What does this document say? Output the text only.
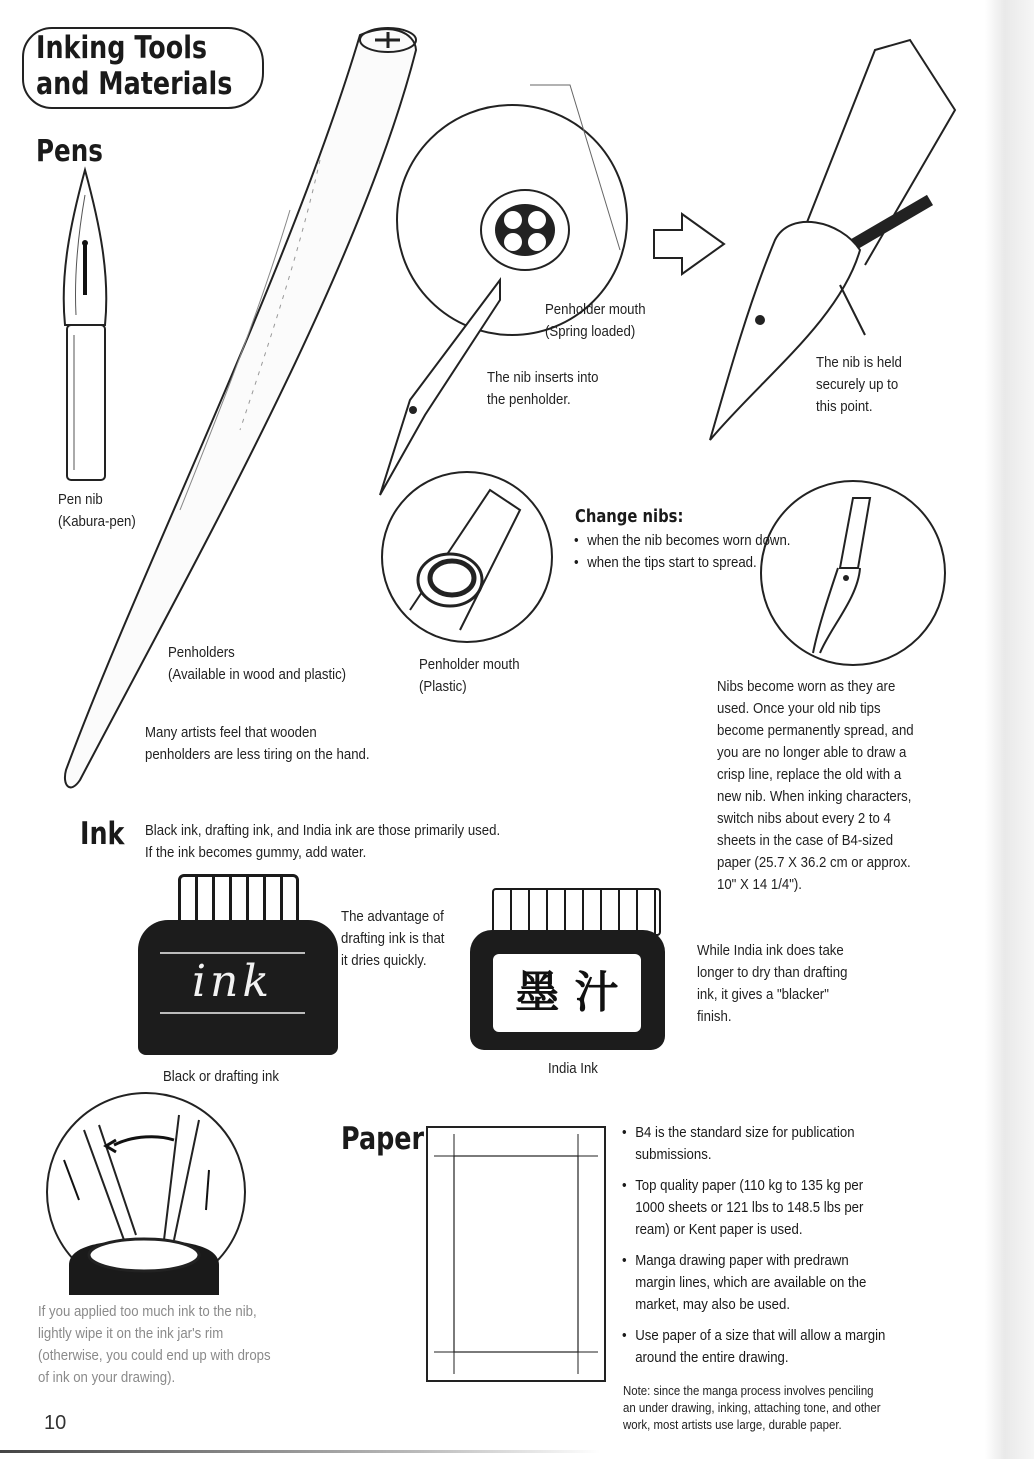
Inking Tools
and Materials
Pens
Pen nib
(Kabura-pen)
Penholders
(Available in wood and plastic)
Many artists feel that wooden
penholders are less tiring on the hand.
Penholder mouth
(Spring loaded)
The nib inserts into
the penholder.
The nib is held
securely up to
this point.
Penholder mouth
(Plastic)
Change nibs:
• when the nib becomes worn down.
• when the tips start to spread.
Nibs become worn as they are
used. Once your old nib tips
become permanently spread, and
you are no longer able to draw a
crisp line, replace the old with a
new nib. When inking characters,
switch nibs about every 2 to 4
sheets in the case of B4-sized
paper (25.7 X 36.2 cm or approx.
10" X 14 1/4").
Ink Black ink, drafting ink, and India ink are those primarily used.
If the ink becomes gummy, add water.
ink
The advantage of
drafting ink is that
it dries quickly.
Black or drafting ink
墨 汁
While India ink does take
longer to dry than drafting
ink, it gives a "blacker"
finish.
India Ink
If you applied too much ink to the nib,
lightly wipe it on the ink jar's rim
(otherwise, you could end up with drops
of ink on your drawing).
Paper
•	B4 is the standard size for publication
submissions.
• Top quality paper (110 kg to 135 kg per
1000 sheets or 121 lbs to 148.5 lbs per
ream) or Kent paper is used.
• Manga drawing paper with predrawn
margin lines, which are available on the
market, may also be used.
• Use paper of a size that will allow a margin
around the entire drawing.
Note: since the manga process involves penciling
an under drawing, inking, attaching tone, and other
work, most artists use large, durable paper.
10
